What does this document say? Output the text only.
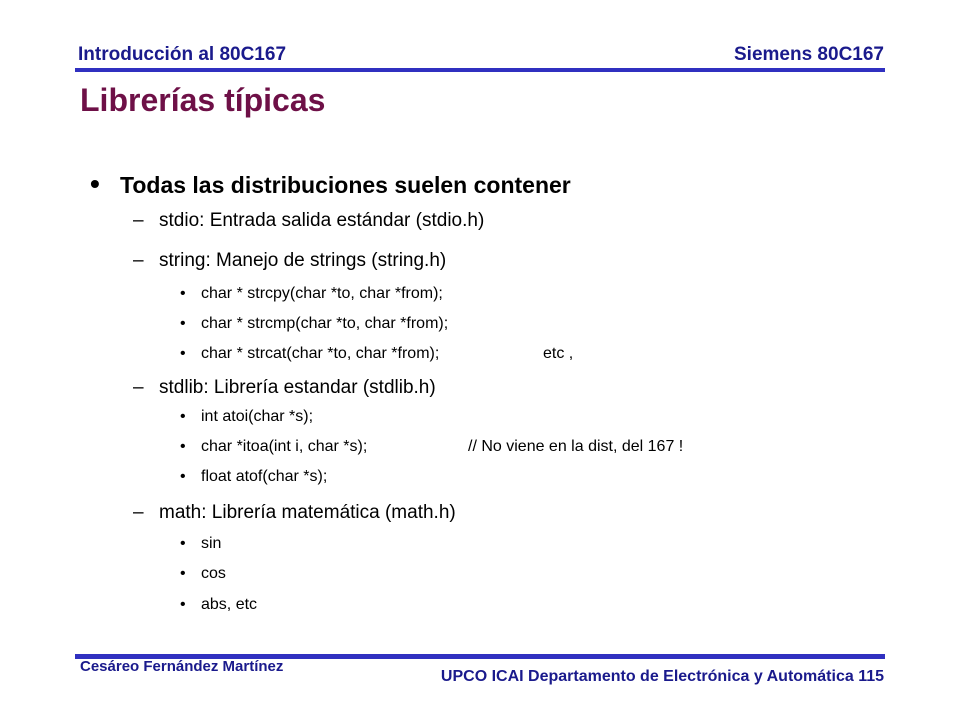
Introducción al 80C167	Siemens 80C167
Librerías típicas
• Todas las distribuciones suelen contener
– stdio: Entrada salida estándar (stdio.h)
– string: Manejo de strings (string.h)
• char * strcpy(char *to, char *from);
• char * strcmp(char *to, char *from);
• char * strcat(char *to, char *from);	etc ,
– stdlib: Librería estandar (stdlib.h)
• int atoi(char *s);
• char *itoa(int i, char *s);	// No viene en la dist, del 167 !
• float atof(char *s);
– math: Librería matemática (math.h)
• sin
• cos
• abs, etc
Cesáreo Fernández Martínez
UPCO ICAI Departamento de Electrónica y Automática 115
